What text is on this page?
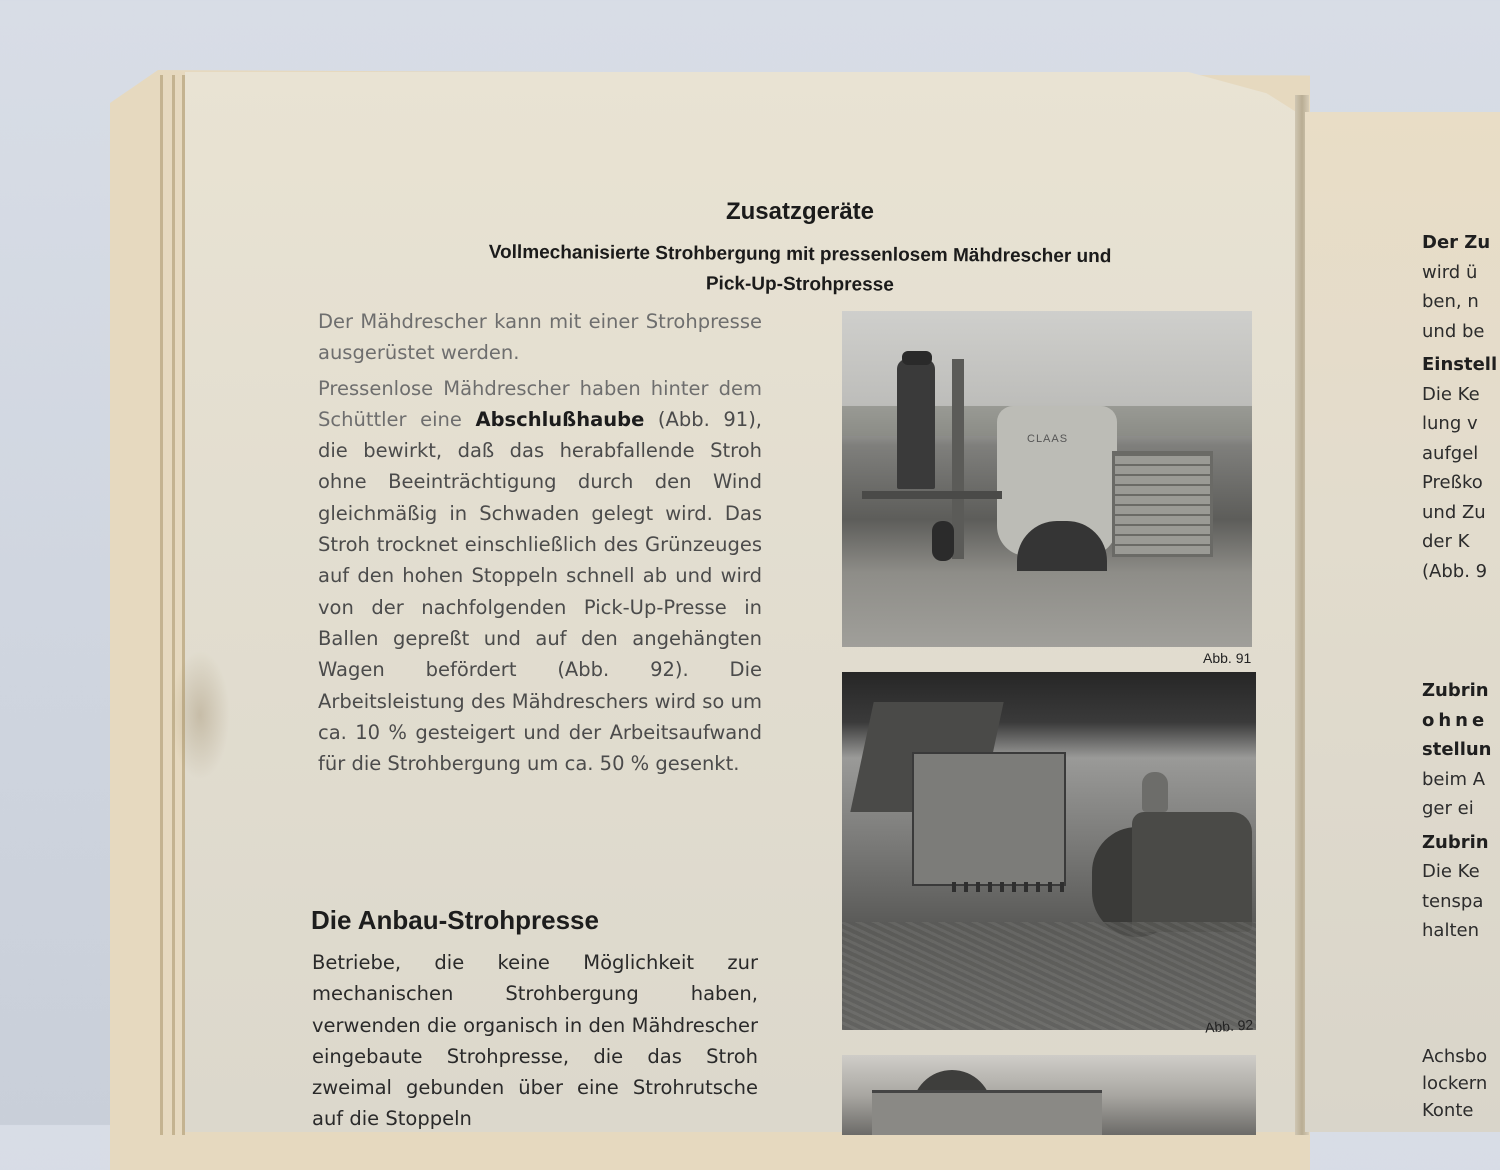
Zusatzgeräte
Vollmechanisierte Strohbergung mit pressenlosem Mähdrescher und
Pick-Up-Strohpresse

Der Mähdrescher kann mit einer Strohpresse ausgerüstet werden.

Pressenlose Mähdrescher haben hinter dem Schüttler eine Abschlußhaube (Abb. 91), die bewirkt, daß das herabfallende Stroh ohne Beeinträchtigung durch den Wind gleichmäßig in Schwaden gelegt wird. Das Stroh trocknet einschließlich des Grünzeuges auf den hohen Stoppeln schnell ab und wird von der nachfolgenden Pick-Up-Presse in Ballen gepreßt und auf den angehängten Wagen befördert (Abb. 92). Die Arbeitsleistung des Mähdreschers wird so um ca. 10 % gesteigert und der Arbeitsaufwand für die Strohbergung um ca. 50 % gesenkt.

Die Anbau-Strohpresse

Betriebe, die keine Möglichkeit zur mechanischen Strohbergung haben, verwenden die organisch in den Mähdrescher eingebaute Strohpresse, die das Stroh zweimal gebunden über eine Strohrutsche auf die Stoppeln

CLAAS
Abb. 91
Abb. 92
Der Zu
wird ü
ben, n
und be
Einstell
Die Ke
lung v
aufgel
Preßko
und Zu
der K
(Abb. 9
Zubrin
ohne
stellun
beim A
ger ei
Zubrin
Die Ke
tenspa
halten
Achsbo
lockern
Konte
